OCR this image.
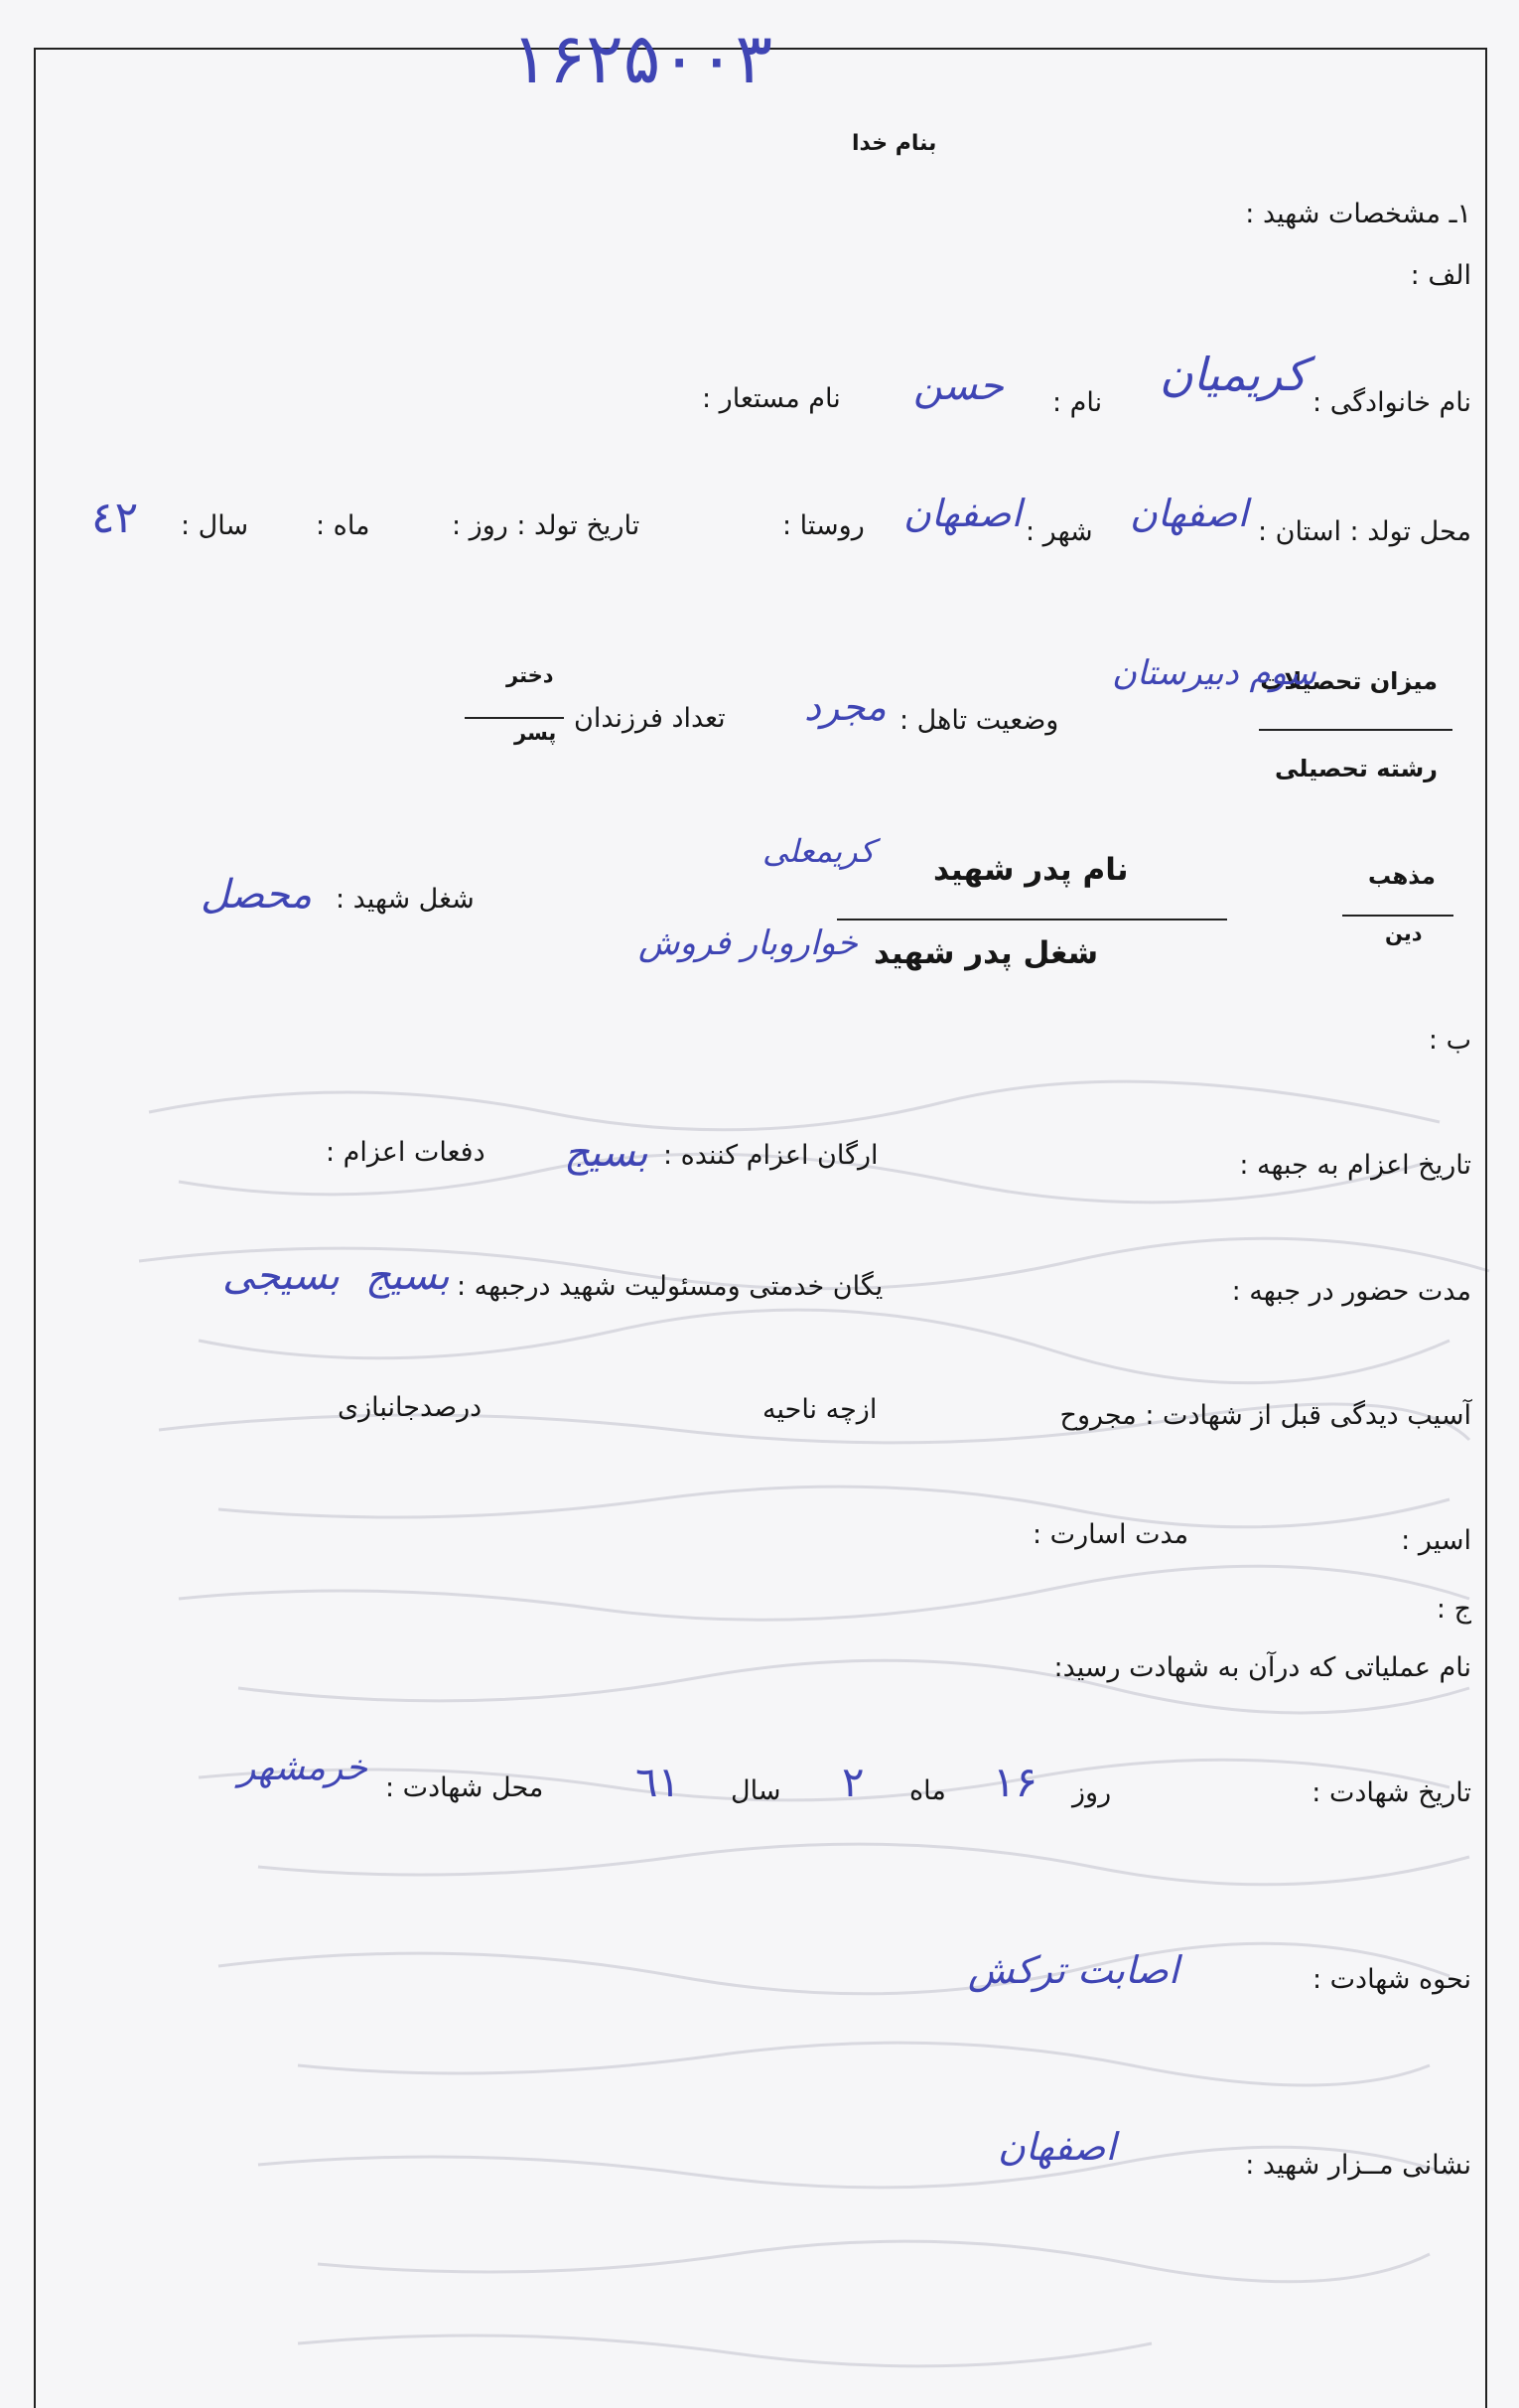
۱۶۲۵۰۰۳
بنام خدا
۱ـ مشخصات شهید :
الف :
نام خانوادگی :
کریمیان
نام :
حسن
نام مستعار :
محل تولد : استان :
اصفهان
شهر :
اصفهان
روستا :
تاریخ تولد : روز :
ماه :
سال :
٤۲
میزان تحصیلات
سوم دبیرستان
رشته تحصیلی
وضعیت تاهل :
مجرد
تعداد فرزندان
دختر
پسر
مذهب
دین
نام پدر شهید
کریمعلی
شغل پدر شهید
خواروبار فروش
شغل شهید :
محصل
ب :
تاریخ اعزام به جبهه :
ارگان اعزام کننده :
بسیج
دفعات اعزام :
مدت حضور در جبهه :
یگان خدمتی ومسئولیت شهید درجبهه :
بسیج
بسیجی
آسیب دیدگی قبل از شهادت : مجروح
ازچه ناحیه
درصدجانبازی
اسیر :
مدت اسارت :
ج :
نام عملیاتی که درآن به شهادت رسید:
تاریخ شهادت :
روز
۱۶
ماه
۲
سال
٦۱
محل شهادت :
خرمشهر
نحوه شهادت :
اصابت ترکش
نشانی مــزار شهید :
اصفهان
